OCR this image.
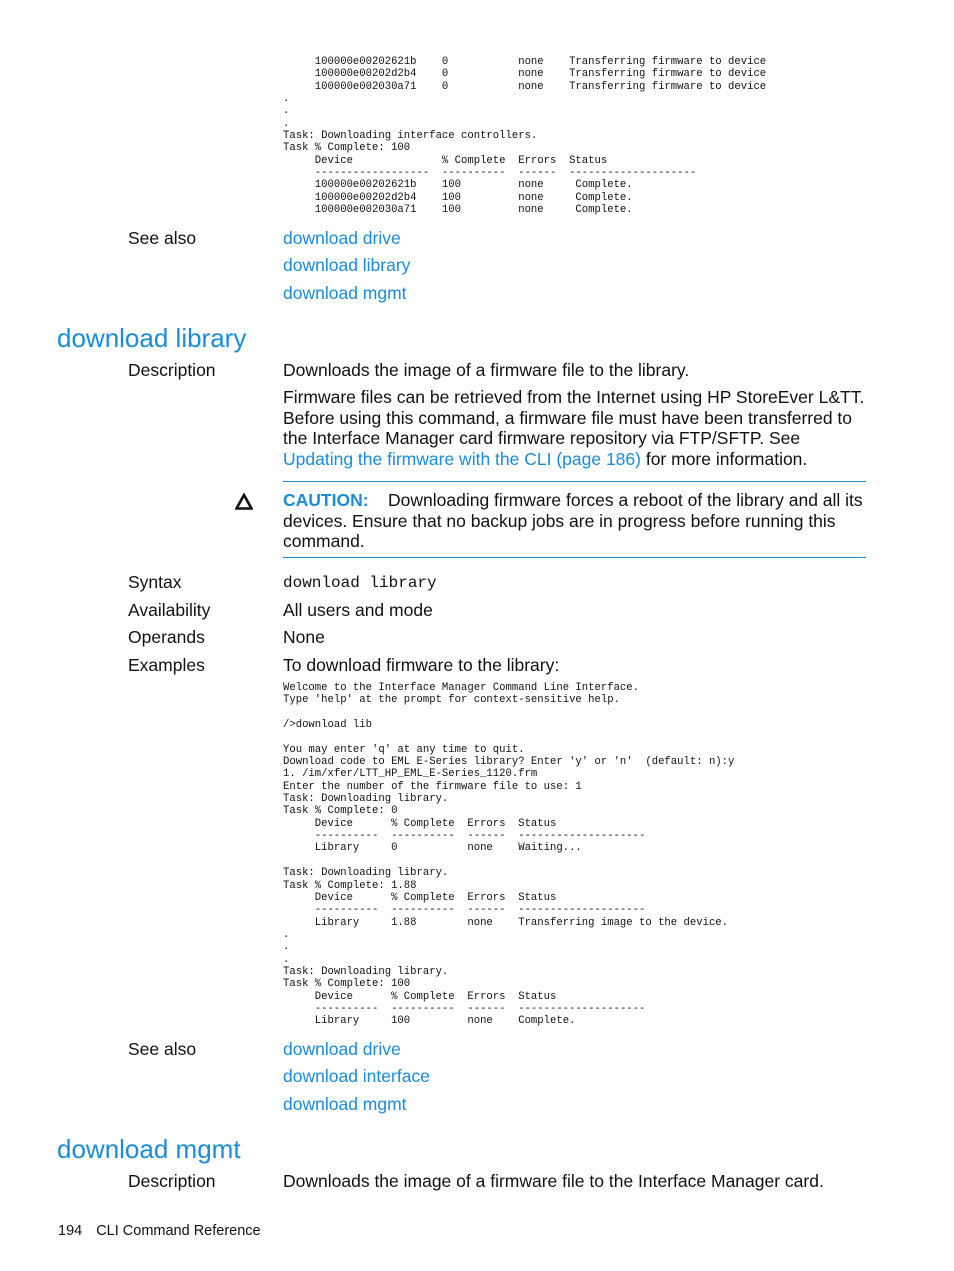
100000e00202621b    0           none    Transferring firmware to device
100000e00202d2b4    0           none    Transferring firmware to device
100000e002030a71    0           none    Transferring firmware to device
.
.
.
Task: Downloading interface controllers.
Task % Complete: 100
Device              % Complete  Errors  Status
------------------  ----------  ------  --------------------
100000e00202621b    100         none     Complete.
100000e00202d2b4    100         none     Complete.
100000e002030a71    100         none     Complete.
See also	download drive
download library
download mgmt
download library
Description	Downloads the image of a firmware file to the library.
Firmware files can be retrieved from the Internet using HP StoreEver L&TT. Before using this command, a firmware file must have been transferred to the Interface Manager card firmware repository via FTP/SFTP. See Updating the firmware with the CLI (page 186) for more information.
CAUTION: Downloading firmware forces a reboot of the library and all its devices. Ensure that no backup jobs are in progress before running this command.
Syntax	download library
Availability	All users and mode
Operands	None
Examples	To download firmware to the library:
Welcome to the Interface Manager Command Line Interface.
Type 'help' at the prompt for context-sensitive help.

/>download lib

You may enter 'q' at any time to quit.
Download code to EML E-Series library? Enter 'y' or 'n'  (default: n):y
1. /im/xfer/LTT_HP_EML_E-Series_1120.frm
Enter the number of the firmware file to use: 1
Task: Downloading library.
Task % Complete: 0
Device      % Complete  Errors  Status
----------  ----------  ------  --------------------
Library     0           none    Waiting...

Task: Downloading library.
Task % Complete: 1.88
Device      % Complete  Errors  Status
----------  ----------  ------  --------------------
Library     1.88        none    Transferring image to the device.
.
.
.
Task: Downloading library.
Task % Complete: 100
Device      % Complete  Errors  Status
----------  ----------  ------  --------------------
Library     100         none    Complete.
See also	download drive
download interface
download mgmt
download mgmt
Description	Downloads the image of a firmware file to the Interface Manager card.
194 CLI Command Reference
